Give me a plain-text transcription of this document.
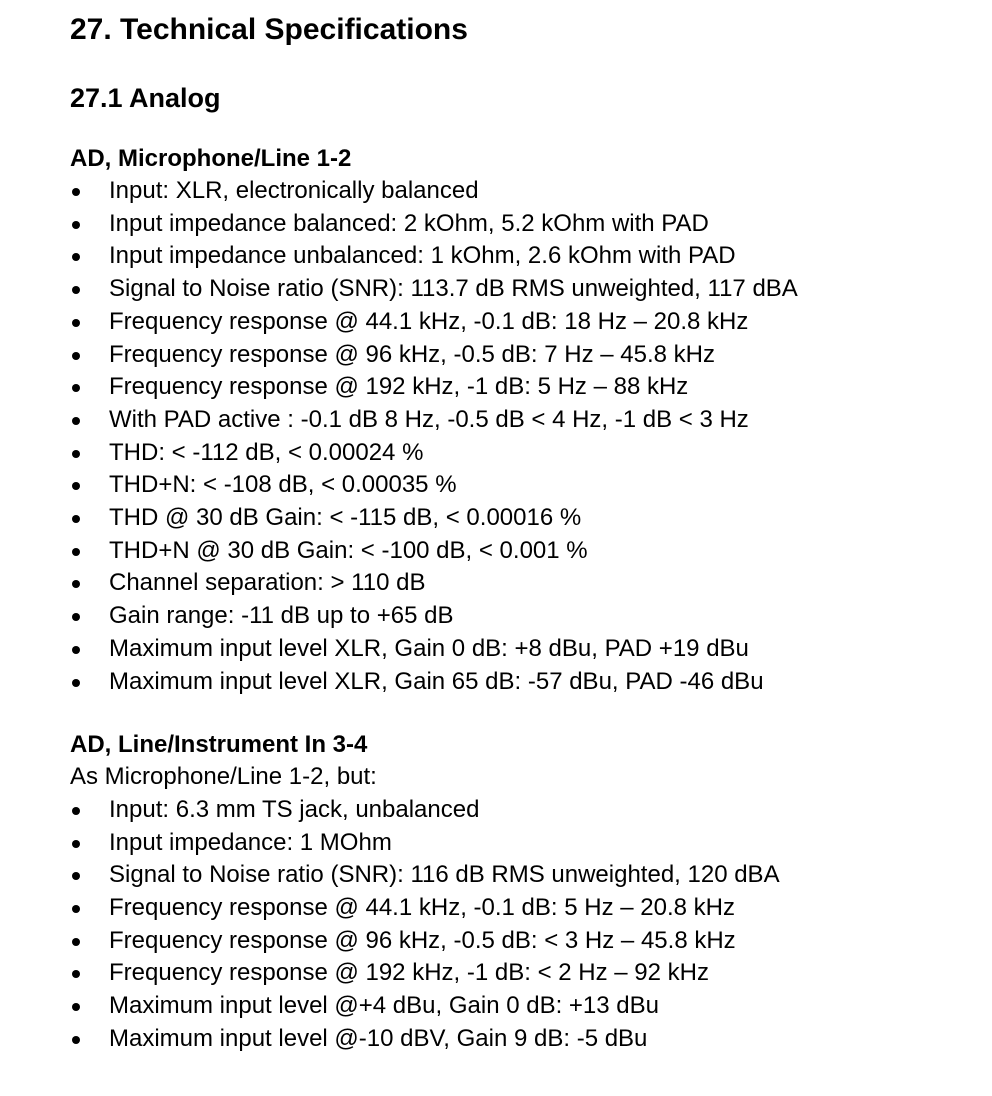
27. Technical Specifications
27.1 Analog
AD, Microphone/Line 1-2
Input: XLR, electronically balanced
Input impedance balanced: 2 kOhm, 5.2 kOhm with PAD
Input impedance unbalanced: 1 kOhm, 2.6 kOhm with PAD
Signal to Noise ratio (SNR): 113.7 dB RMS unweighted, 117 dBA
Frequency response @ 44.1 kHz, -0.1 dB: 18 Hz – 20.8 kHz
Frequency response @ 96 kHz, -0.5 dB: 7 Hz – 45.8 kHz
Frequency response @ 192 kHz, -1 dB: 5 Hz – 88 kHz
With PAD active : -0.1 dB 8 Hz, -0.5 dB < 4 Hz, -1 dB < 3 Hz
THD: < -112 dB, < 0.00024 %
THD+N: < -108 dB, < 0.00035 %
THD @ 30 dB Gain: < -115 dB, < 0.00016 %
THD+N @ 30 dB Gain: < -100 dB, < 0.001 %
Channel separation: > 110 dB
Gain range: -11 dB up to +65 dB
Maximum input level XLR, Gain 0 dB: +8 dBu, PAD +19 dBu
Maximum input level XLR, Gain 65 dB: -57 dBu, PAD -46 dBu
AD, Line/Instrument In 3-4
As Microphone/Line 1-2, but:
Input: 6.3 mm TS jack, unbalanced
Input impedance: 1 MOhm
Signal to Noise ratio (SNR): 116 dB RMS unweighted, 120 dBA
Frequency response @ 44.1 kHz, -0.1 dB: 5 Hz – 20.8 kHz
Frequency response @ 96 kHz, -0.5 dB: < 3 Hz – 45.8 kHz
Frequency response @ 192 kHz, -1 dB: < 2 Hz – 92 kHz
Maximum input level @+4 dBu, Gain 0 dB: +13 dBu
Maximum input level @-10 dBV, Gain 9 dB: -5 dBu
